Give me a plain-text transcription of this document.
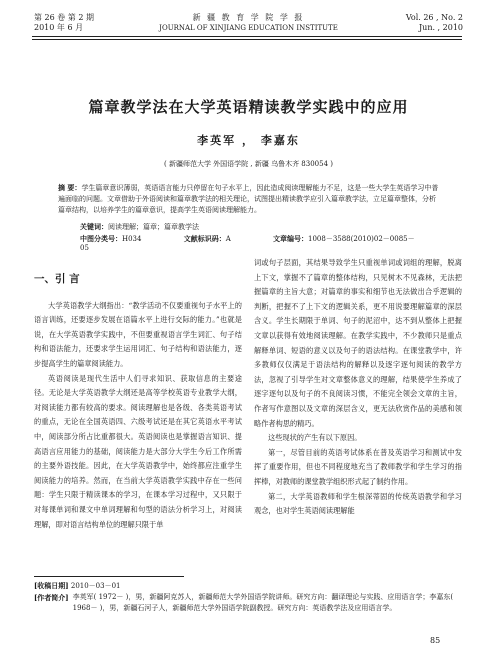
第 26 卷 第 2 期
2010 年 6 月
新 疆 教 育 学 院 学 报
JOURNAL OF XINJIANG EDUCATION INSTITUTE
Vol. 26 , No. 2
Jun. , 2010
篇章教学法在大学英语精读教学实践中的应用
李英军 ， 李嘉东
( 新疆师范大学 外国语学院 , 新疆 乌鲁木齐 830054 )
摘 要：学生篇章意识薄弱，英语语言能力只停留在句子水平上，因此造成阅读理解能力不足，这是一些大学生英语学习中普遍面临的问题。文章借助于外语阅读和篇章教学法的相关理论，试图提出精读教学应引入篇章教学法，立足篇章整体，分析篇章结构，以培养学生的篇章意识，提高学生英语阅读理解能力。
关键词：阅读理解；篇章；篇章教学法
中图分类号：H034	文献标识码：A	文章编号：1008－3588(2010)02－0085－05
一、引 言

大学英语教学大纲指出：“教学活动不仅要重视句子水平上的语言训练，还要逐步发展在语篇水平上进行交际的能力。”也就是说，在大学英语教学实践中，不但要重视语言学生词汇、句子结构和语法能力，还要求学生运用词汇、句子结构和语法能力，逐步提高学生的篇章阅读能力。

英语阅读是现代生活中人们寻求知识、获取信息的主要途径。无论是大学英语教学大纲还是高等学校英语专业教学大纲，对阅读能力都有较高的要求。阅读理解也是各级、各类英语考试的重点，无论在全国英语四、六级考试还是在其它英语水平考试中，阅读部分所占比重都很大。英语阅读也是掌握语言知识、提高语言应用能力的基础，阅读能力是大部分大学生今后工作所需的主要外语技能。因此，在大学英语教学中，始终都应注重学生阅读能力的培养。然而，在当前大学英语教学实践中存在一些问题：学生只限于精读课本的学习，在课本学习过程中，又只限于对每课单词和课文中单词理解和句型的语法分析学习上，对阅读理解，即对语言结构单位的理解只限于单

词或句子层面，其结果导致学生只重视单词或词组的理解，脱离上下文，掌握不了篇章的整体结构，只见树木不见森林，无法把握篇章的主旨大意；对篇章的事实和细节也无法做出合乎逻辑的判断，把握不了上下文的逻辑关系，更不用说要理解篇章的深层含义。学生长期限于单词、句子的泥沼中，达不到从整体上把握文章以获得有效地阅读理解。在教学实践中，不少教师只是重点解释单词、短语的意义以及句子的语法结构。在课堂教学中，许多教师仅仅满足于语法结构的解释以及逐字逐句阅读的教学方法，忽视了引导学生对文章整体意义的理解，结果使学生养成了逐字逐句以及句子的不良阅读习惯，不能完全领会文章的主旨，作者写作意图以及文章的深层含义，更无法欣赏作品的美感和领略作者构思的精巧。

这些现状的产生有以下原因。

第一，尽管目前的英语考试体系在普及英语学习和测试中发挥了重要作用，但也不同程度地充当了教师教学和学生学习的指挥棒，对教师的课堂教学组织形式起了制约作用。

第二，大学英语教师和学生根深蒂固的传统英语教学和学习观念，也对学生英语阅读理解能

[收稿日期] 2010－03－01
[作者简介] 李英军( 1972－ )，男，新疆阿克苏人，新疆师范大学外国语学院讲师。研究方向：翻译理论与实践、应用语言学；李嘉东( 1968－ )，男，新疆石河子人，新疆师范大学外国语学院副教授。研究方向：英语教学法及应用语言学。
85
